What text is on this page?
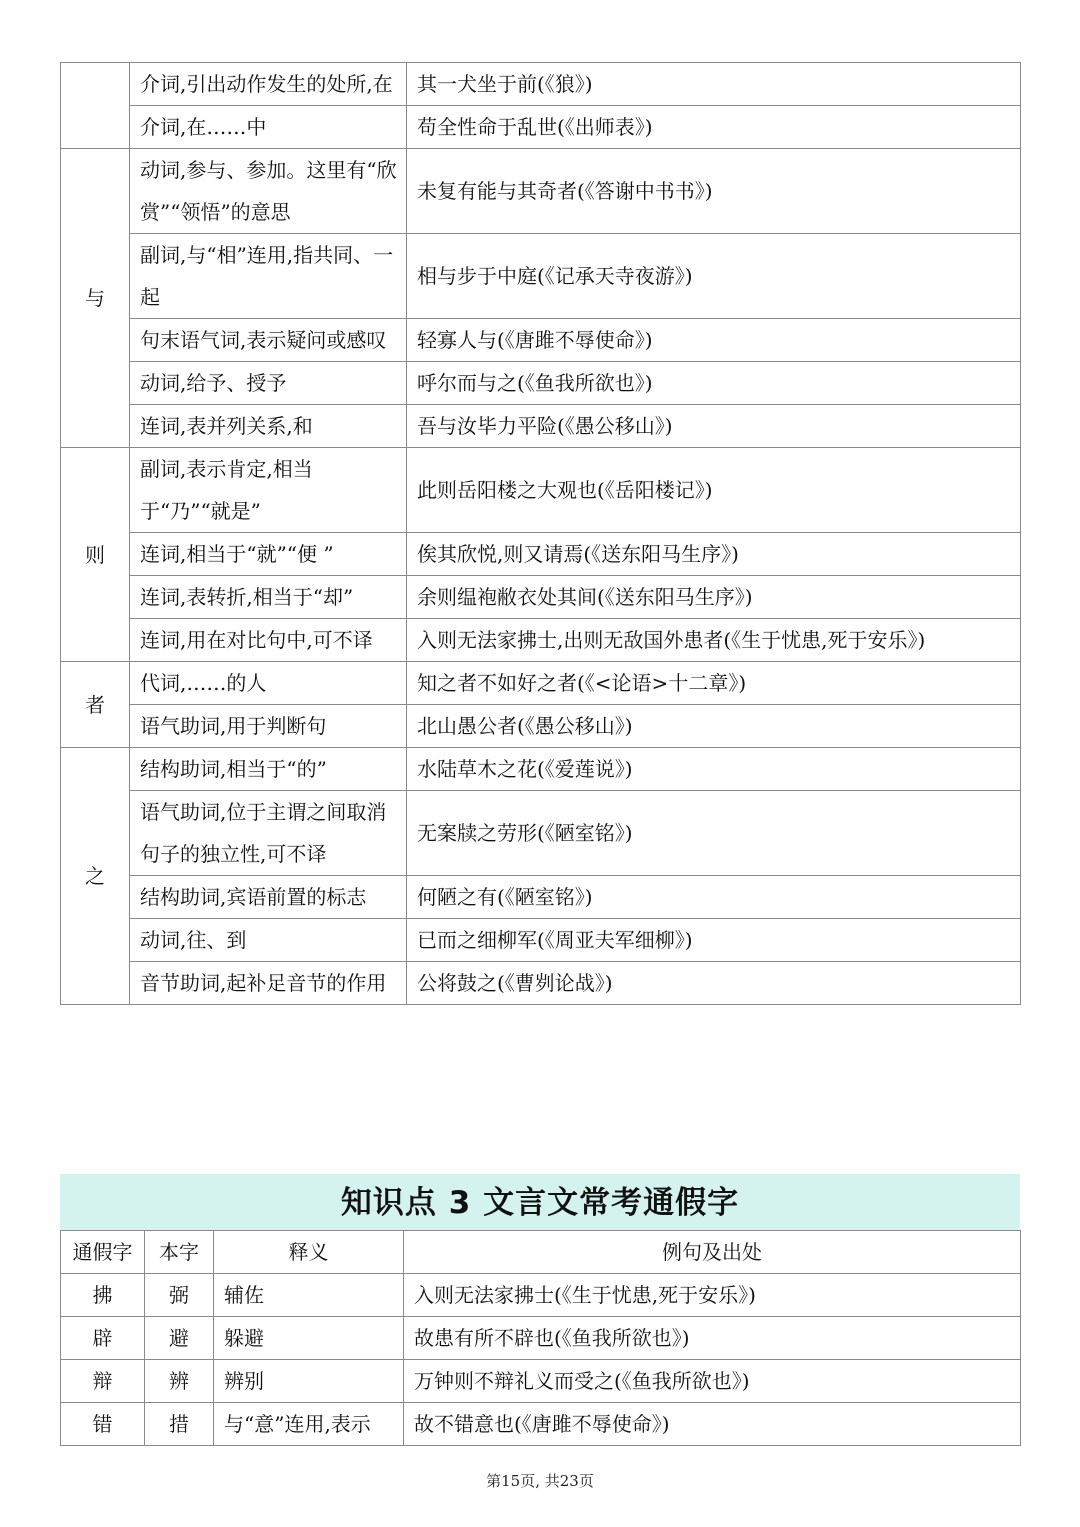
	介词,引出动作发生的处所,在	其一犬坐于前(《狼》)
	介词,在……中	苟全性命于乱世(《出师表》)
与	动词,参与、参加。这里有“欣赏”“领悟”的意思	未复有能与其奇者(《答谢中书书》)
	副词,与“相”连用,指共同、一起	相与步于中庭(《记承天寺夜游》)
	句末语气词,表示疑问或感叹	轻寡人与(《唐雎不辱使命》)
	动词,给予、授予	呼尔而与之(《鱼我所欲也》)
	连词,表并列关系,和	吾与汝毕力平险(《愚公移山》)
则	副词,表示肯定,相当于“乃”“就是”	此则岳阳楼之大观也(《岳阳楼记》)
	连词,相当于“就”“便 ”	俟其欣悦,则又请焉(《送东阳马生序》)
	连词,表转折,相当于“却”	余则缊袍敝衣处其间(《送东阳马生序》)
	连词,用在对比句中,可不译	入则无法家拂士,出则无敌国外患者(《生于忧患,死于安乐》)
者	代词,……的人	知之者不如好之者(《<论语>十二章》)
	语气助词,用于判断句	北山愚公者(《愚公移山》)
之	结构助词,相当于“的”	水陆草木之花(《爱莲说》)
	语气助词,位于主谓之间取消句子的独立性,可不译	无案牍之劳形(《陋室铭》)
	结构助词,宾语前置的标志	何陋之有(《陋室铭》)
	动词,往、到	已而之细柳军(《周亚夫军细柳》)
	音节助词,起补足音节的作用	公将鼓之(《曹刿论战》)
知识点 3 文言文常考通假字
通假字	本字	释义	例句及出处
拂	弼	辅佐	入则无法家拂士(《生于忧患,死于安乐》)
辟	避	躲避	故患有所不辟也(《鱼我所欲也》)
辩	辨	辨别	万钟则不辩礼义而受之(《鱼我所欲也》)
错	措	与“意”连用,表示	故不错意也(《唐雎不辱使命》)
第15页, 共23页
